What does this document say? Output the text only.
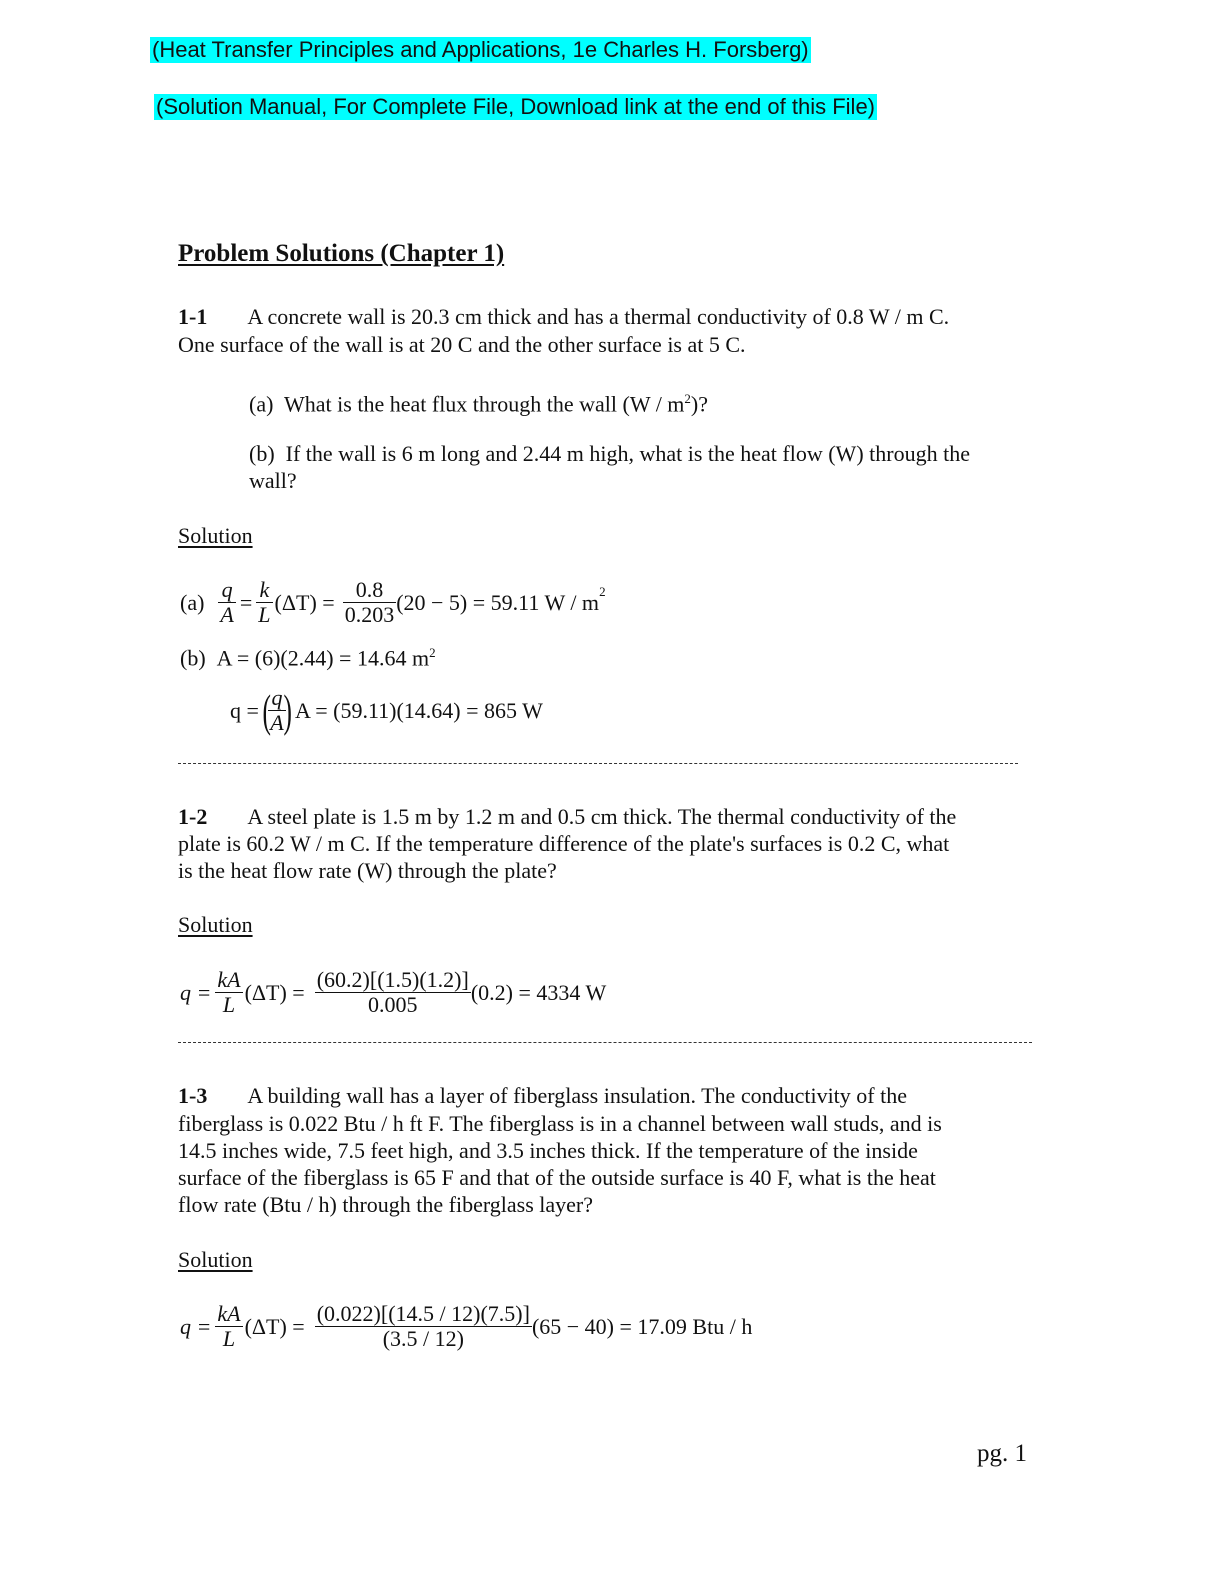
(Heat Transfer Principles and Applications, 1e Charles H. Forsberg)
(Solution Manual, For Complete File, Download link at the end of this File)
Problem Solutions (Chapter 1)
1-1 A concrete wall is 20.3 cm thick and has a thermal conductivity of 0.8 W / m C.
One surface of the wall is at 20 C and the other surface is at 5 C.
(a) What is the heat flux through the wall $(W / m^2)$?
(b) If the wall is 6 m long and 2.44 m high, what is the heat flow (W) through the
wall?
Solution
$(a) \frac{q}{A} = \frac{k}{L} (\Delta T) = \frac{0.8}{0.203} (20 - 5) = 59.11$ W / $m^2$
(b) A = (6)(2.44) = 14.64 $m^2$
q = (
$\frac{q}{A}$
) A = (59.11)(14.64) = 865 W
1-2 A steel plate is 1.5 m by 1.2 m and 0.5 cm thick. The thermal conductivity of the
plate is 60.2 W / m C. If the temperature difference of the plate's surfaces is 0.2 C, what
is the heat flow rate (W) through the plate?
Solution
$q = \frac{kA}{L} (\Delta T) = \frac{(60.2)[(1.5)(1.2)]}{0.005} (0.2) = 4334$ W
1-3 A building wall has a layer of fiberglass insulation. The conductivity of the
fiberglass is 0.022 Btu / h ft F. The fiberglass is in a channel between wall studs, and is
14.5 inches wide, 7.5 feet high, and 3.5 inches thick. If the temperature of the inside
surface of the fiberglass is 65 F and that of the outside surface is 40 F, what is the heat
flow rate (Btu / h) through the fiberglass layer?
Solution
$q = \frac{kA}{L} (\Delta T) = \frac{(0.022)[(14.5 / 12)(7.5)]}{(3.5 / 12)} (65 - 40) = 17.09$ Btu / h
pg. 1
